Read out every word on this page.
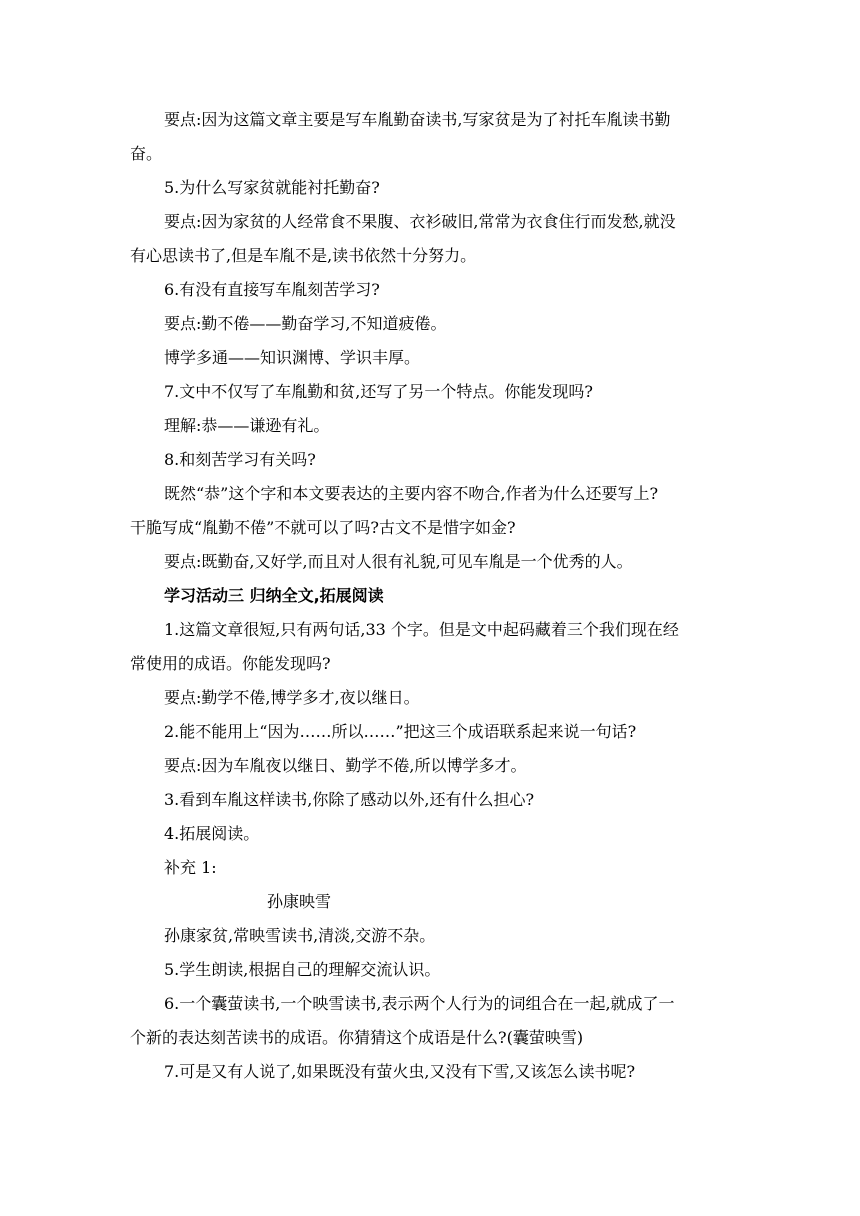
要点:因为这篇文章主要是写车胤勤奋读书,写家贫是为了衬托车胤读书勤
奋。
5.为什么写家贫就能衬托勤奋?
要点:因为家贫的人经常食不果腹、衣衫破旧,常常为衣食住行而发愁,就没
有心思读书了,但是车胤不是,读书依然十分努力。
6.有没有直接写车胤刻苦学习?
要点:勤不倦——勤奋学习,不知道疲倦。
博学多通——知识渊博、学识丰厚。
7.文中不仅写了车胤勤和贫,还写了另一个特点。你能发现吗?
理解:恭——谦逊有礼。
8.和刻苦学习有关吗?
既然“恭”这个字和本文要表达的主要内容不吻合,作者为什么还要写上?
干脆写成“胤勤不倦”不就可以了吗?古文不是惜字如金?
要点:既勤奋,又好学,而且对人很有礼貌,可见车胤是一个优秀的人。
学习活动三 归纳全文,拓展阅读
1.这篇文章很短,只有两句话,33 个字。但是文中起码藏着三个我们现在经
常使用的成语。你能发现吗?
要点:勤学不倦,博学多才,夜以继日。
2.能不能用上“因为……所以……”把这三个成语联系起来说一句话?
要点:因为车胤夜以继日、勤学不倦,所以博学多才。
3.看到车胤这样读书,你除了感动以外,还有什么担心?
4.拓展阅读。
补充 1:
孙康映雪
孙康家贫,常映雪读书,清淡,交游不杂。
5.学生朗读,根据自己的理解交流认识。
6.一个囊萤读书,一个映雪读书,表示两个人行为的词组合在一起,就成了一
个新的表达刻苦读书的成语。你猜猜这个成语是什么?(囊萤映雪)
7.可是又有人说了,如果既没有萤火虫,又没有下雪,又该怎么读书呢?
